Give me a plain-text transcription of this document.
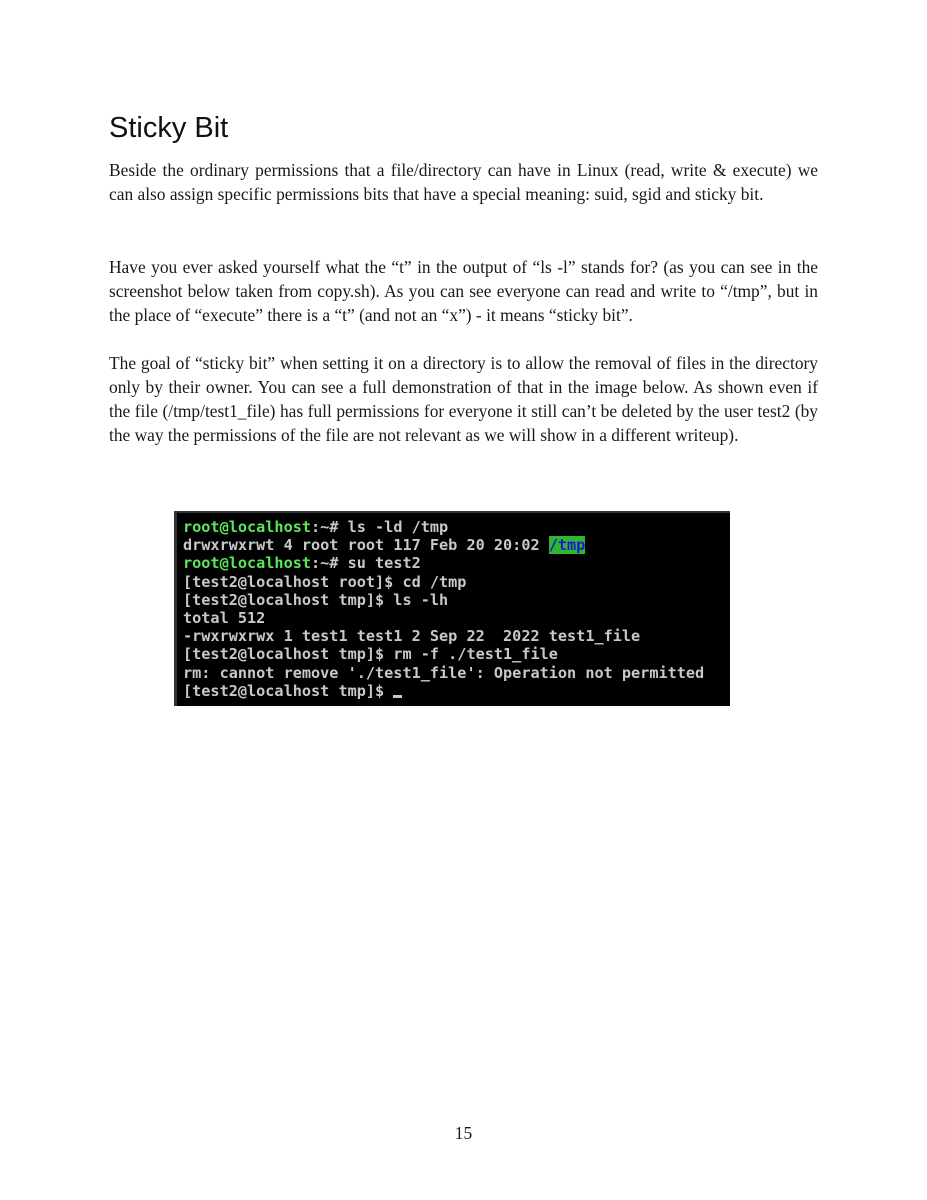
Sticky Bit

Beside the ordinary permissions that a file/directory can have in Linux (read, write & execute) we can also assign specific permissions bits that have a special meaning: suid, sgid and sticky bit.

Have you ever asked yourself what the “t” in the output of “ls -l” stands for? (as you can see in the screenshot below taken from copy.sh). As you can see everyone can read and write to “/tmp”, but in the place of “execute” there is a “t” (and not an “x”) - it means “sticky bit”.

The goal of “sticky bit” when setting it on a directory is to allow the removal of files in the directory only by their owner. You can see a full demonstration of that in the image below. As shown even if the file (/tmp/test1_file) has full permissions for everyone it still can’t be deleted by the user test2 (by the way the permissions of the file are not relevant as we will show in a different writeup).

root@localhost:~# ls -ld /tmp
drwxrwxrwt 4 root root 117 Feb 20 20:02 /tmp
root@localhost:~# su test2
[test2@localhost root]$ cd /tmp
[test2@localhost tmp]$ ls -lh
total 512
-rwxrwxrwx 1 test1 test1 2 Sep 22  2022 test1_file
[test2@localhost tmp]$ rm -f ./test1_file
rm: cannot remove './test1_file': Operation not permitted
[test2@localhost tmp]$
15
